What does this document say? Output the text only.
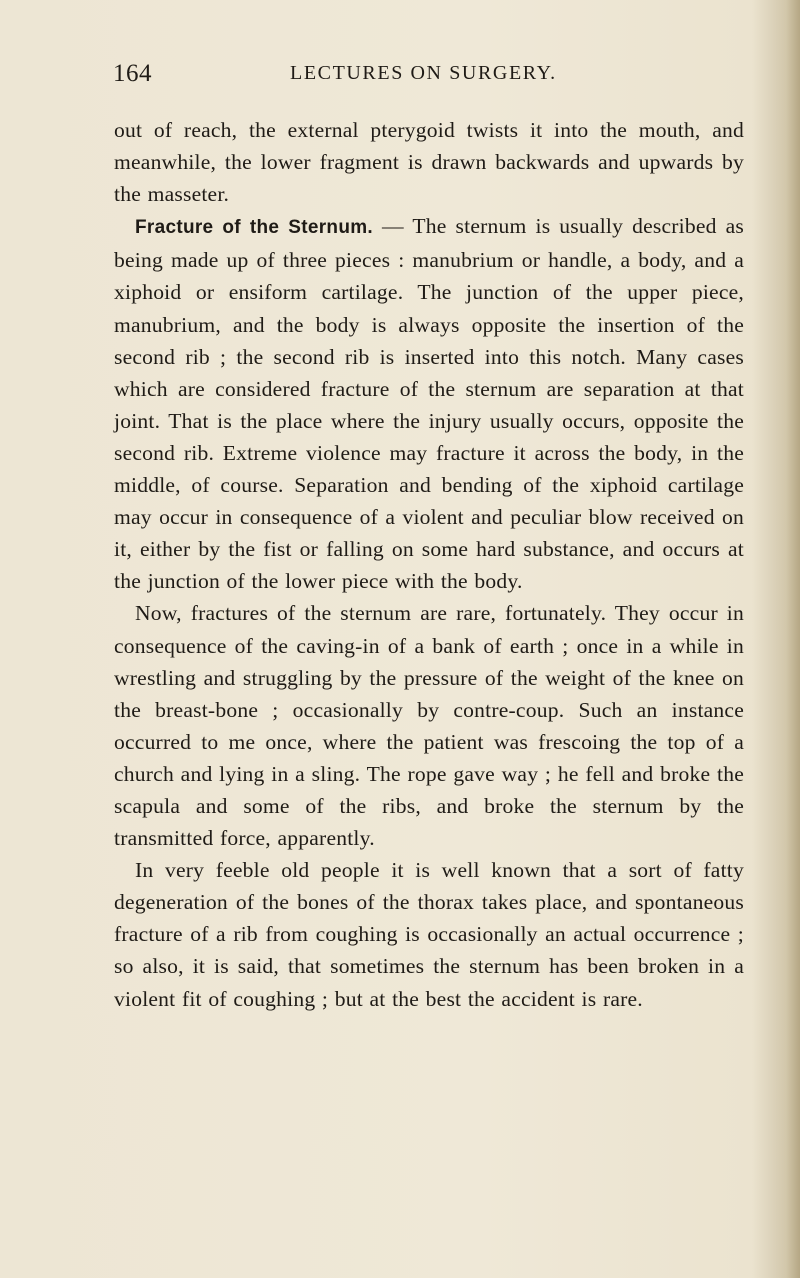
164	LECTURES ON SURGERY.

out of reach, the external pterygoid twists it into the mouth, and meanwhile, the lower fragment is drawn backwards and upwards by the masseter.

Fracture of the Sternum. — The sternum is usually described as being made up of three pieces : manubrium or handle, a body, and a xiphoid or ensiform cartilage. The junction of the upper piece, manubrium, and the body is always opposite the insertion of the second rib ; the second rib is inserted into this notch. Many cases which are considered fracture of the sternum are separation at that joint. That is the place where the injury usually occurs, opposite the second rib. Extreme violence may fracture it across the body, in the middle, of course. Separation and bending of the xiphoid cartilage may occur in consequence of a violent and peculiar blow received on it, either by the fist or falling on some hard substance, and occurs at the junction of the lower piece with the body.

Now, fractures of the sternum are rare, fortunately. They occur in consequence of the caving-in of a bank of earth ; once in a while in wrestling and struggling by the pressure of the weight of the knee on the breast-bone ; occasionally by contre-coup. Such an instance occurred to me once, where the patient was frescoing the top of a church and lying in a sling. The rope gave way ; he fell and broke the scapula and some of the ribs, and broke the sternum by the transmitted force, apparently.

In very feeble old people it is well known that a sort of fatty degeneration of the bones of the thorax takes place, and spontaneous fracture of a rib from coughing is occasionally an actual occurrence ; so also, it is said, that sometimes the sternum has been broken in a violent fit of coughing ; but at the best the accident is rare.
